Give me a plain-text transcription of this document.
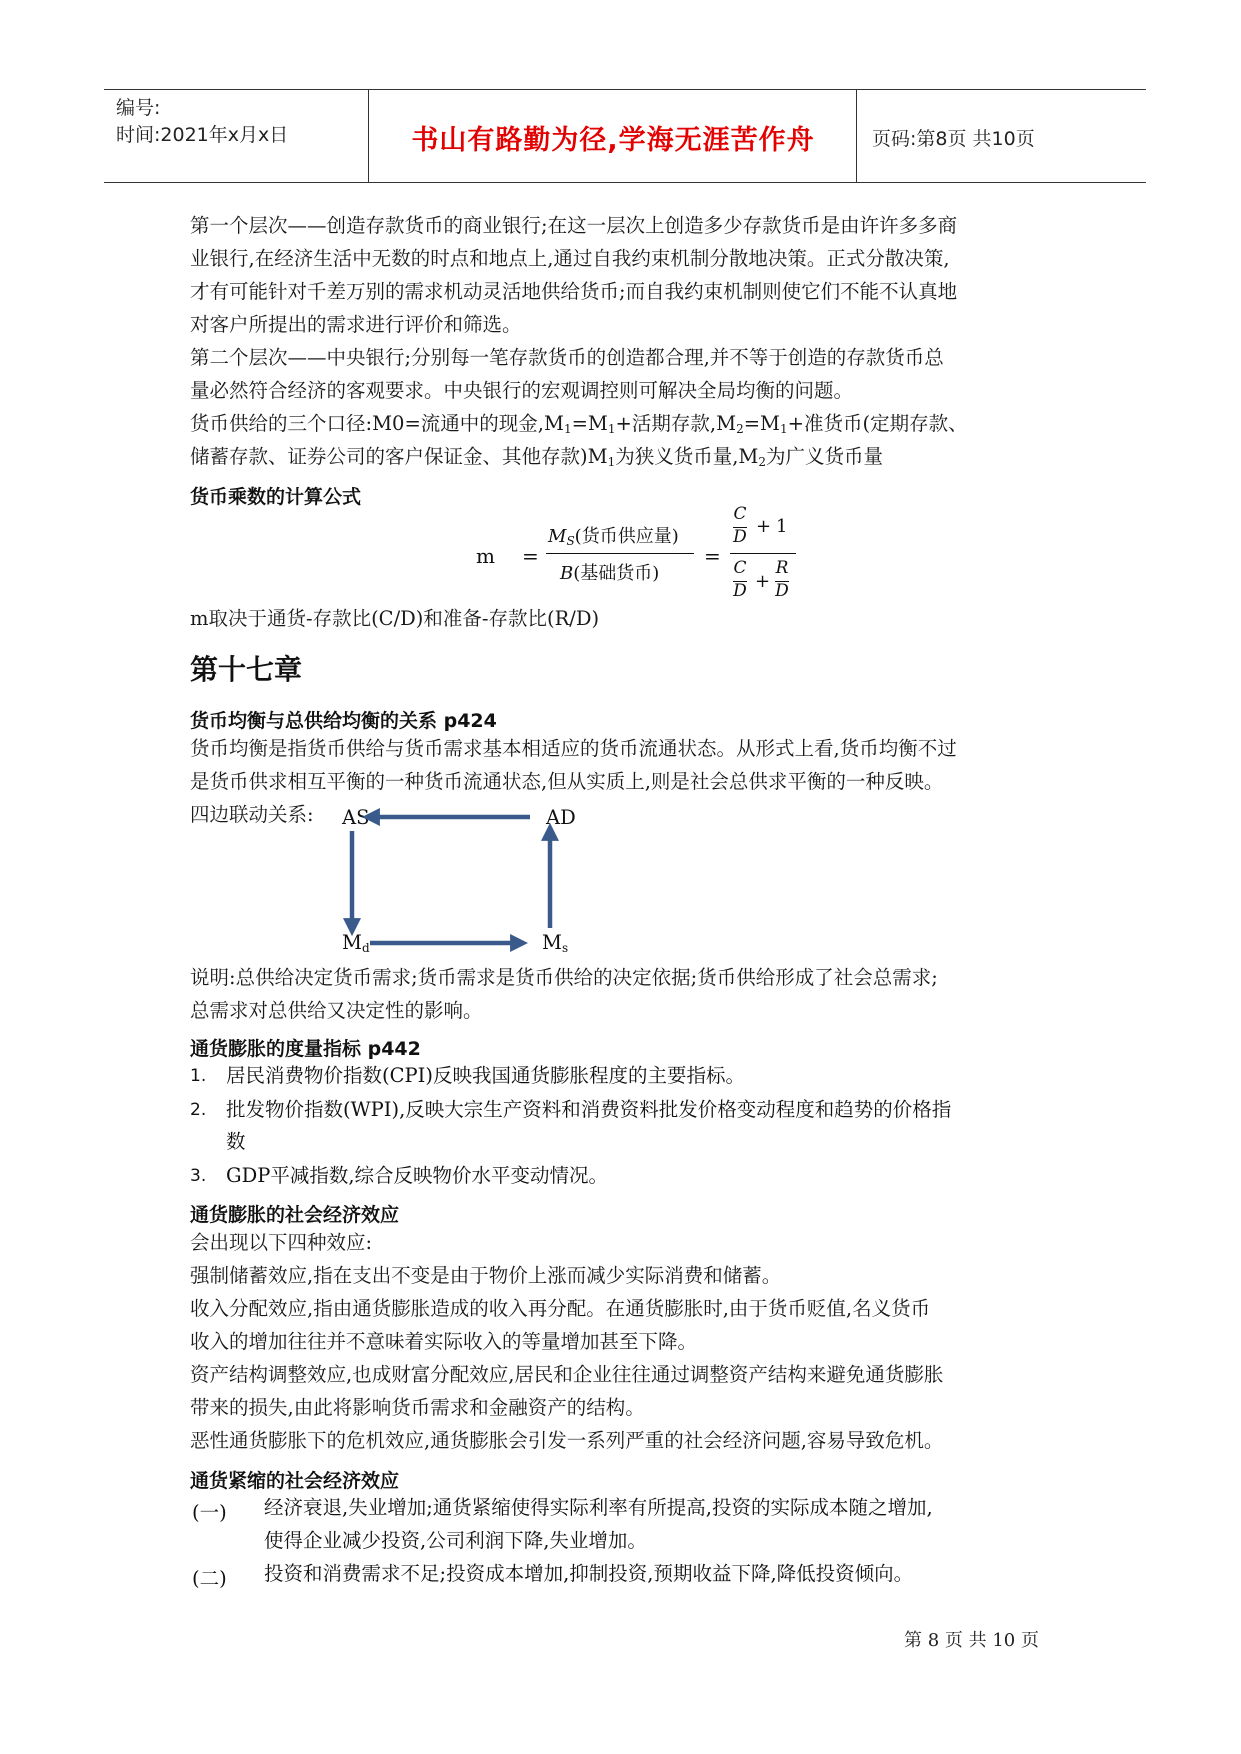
编号:
时间:2021年x月x日	书山有路勤为径,学海无涯苦作舟	页码:第8页 共10页
第一个层次——创造存款货币的商业银行;在这一层次上创造多少存款货币是由许许多多商
业银行,在经济生活中无数的时点和地点上,通过自我约束机制分散地决策。正式分散决策,
才有可能针对千差万别的需求机动灵活地供给货币;而自我约束机制则使它们不能不认真地
对客户所提出的需求进行评价和筛选。
第二个层次——中央银行;分别每一笔存款货币的创造都合理,并不等于创造的存款货币总
量必然符合经济的客观要求。中央银行的宏观调控则可解决全局均衡的问题。
货币供给的三个口径:M0=流通中的现金$,M_1=M_1+$活期存款$,M_2=M_1+$准货币(定期存款、
储蓄存款、证券公司的客户保证金、其他存款)$M_1$为狭义货币量$,M_2$为广义货币量
货币乘数的计算公式
m =
$M_S$(货币供应量)
B(基础货币)
=
C
D + 1
C
D +
R
D
m取决于通货-存款比(C/D)和准备-存款比(R/D)
第十七章
货币均衡与总供给均衡的关系 p424
货币均衡是指货币供给与货币需求基本相适应的货币流通状态。从形式上看,货币均衡不过
是货币供求相互平衡的一种货币流通状态,但从实质上,则是社会总供求平衡的一种反映。
四边联动关系: AS	AD
$M_d$	$M_s$
说明:总供给决定货币需求;货币需求是货币供给的决定依据;货币供给形成了社会总需求;
总需求对总供给又决定性的影响。
通货膨胀的度量指标 p442
1. 居民消费物价指数(CPI)反映我国通货膨胀程度的主要指标。
2. 批发物价指数(WPI),反映大宗生产资料和消费资料批发价格变动程度和趋势的价格指
数
3. GDP平减指数,综合反映物价水平变动情况。
通货膨胀的社会经济效应
会出现以下四种效应:
强制储蓄效应,指在支出不变是由于物价上涨而减少实际消费和储蓄。
收入分配效应,指由通货膨胀造成的收入再分配。在通货膨胀时,由于货币贬值,名义货币
收入的增加往往并不意味着实际收入的等量增加甚至下降。
资产结构调整效应,也成财富分配效应,居民和企业往往通过调整资产结构来避免通货膨胀
带来的损失,由此将影响货币需求和金融资产的结构。
恶性通货膨胀下的危机效应,通货膨胀会引发一系列严重的社会经济问题,容易导致危机。
通货紧缩的社会经济效应
(一) 经济衰退,失业增加;通货紧缩使得实际利率有所提高,投资的实际成本随之增加,
使得企业减少投资,公司利润下降,失业增加。
(二) 投资和消费需求不足;投资成本增加,抑制投资,预期收益下降,降低投资倾向。
第 8 页 共 10 页
